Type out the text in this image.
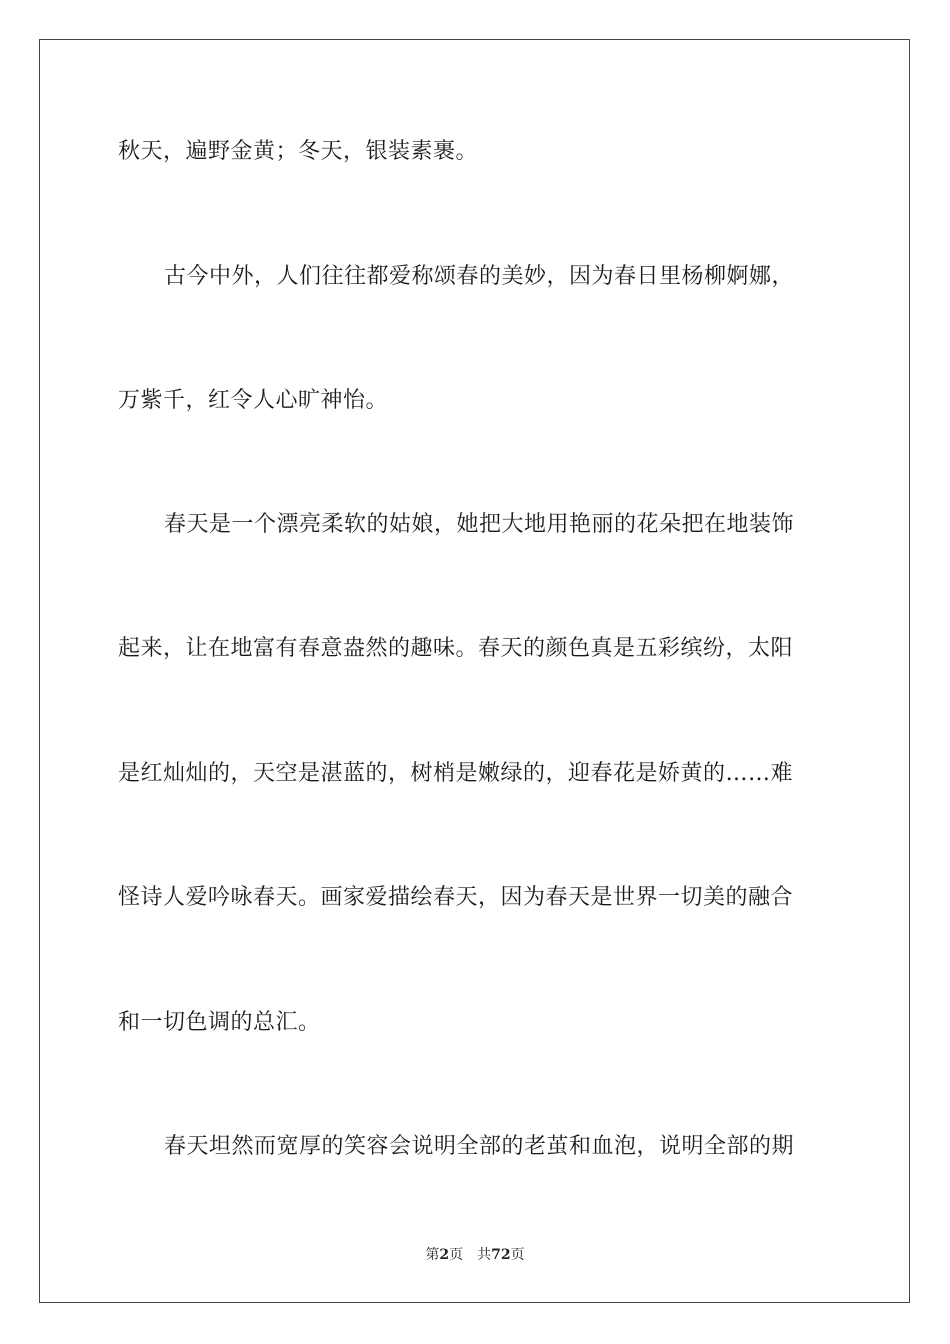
秋天，遍野金黄；冬天，银装素裹。
古今中外，人们往往都爱称颂春的美妙，因为春日里杨柳婀娜，
万紫千，红令人心旷神怡。
春天是一个漂亮柔软的姑娘，她把大地用艳丽的花朵把在地装饰
起来，让在地富有春意盎然的趣味。春天的颜色真是五彩缤纷，太阳
是红灿灿的，天空是湛蓝的，树梢是嫩绿的，迎春花是娇黄的……难
怪诗人爱吟咏春天。画家爱描绘春天，因为春天是世界一切美的融合
和一切色调的总汇。
春天坦然而宽厚的笑容会说明全部的老茧和血泡，说明全部的期
第2页 共72页
